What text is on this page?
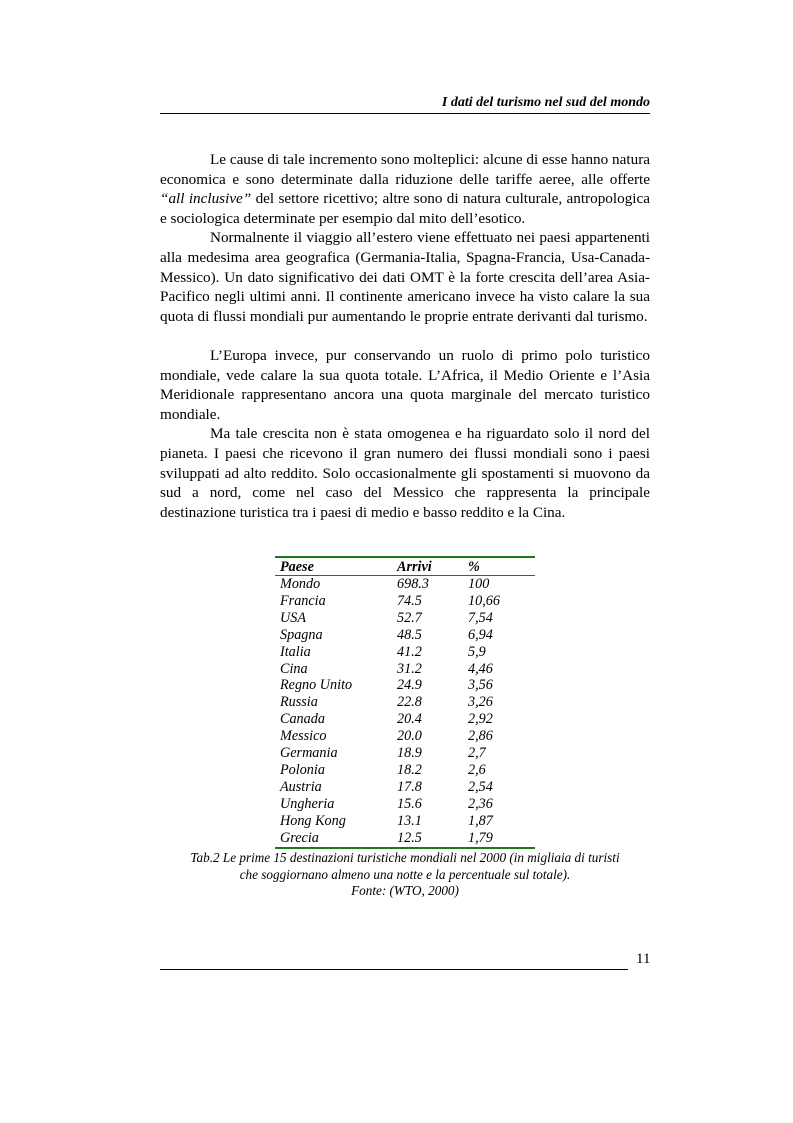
I dati del turismo nel sud del mondo

Le cause di tale incremento sono molteplici: alcune di esse hanno natura economica e sono determinate dalla riduzione delle tariffe aeree, alle offerte “all inclusive” del settore ricettivo; altre sono di natura culturale, antropologica e sociologica determinate per esempio dal mito dell’esotico.

Normalnente il viaggio all’estero viene effettuato nei paesi appartenenti alla medesima area geografica (Germania-Italia, Spagna-Francia, Usa-Canada-Messico). Un dato significativo dei dati OMT è la forte crescita dell’area Asia-Pacifico negli ultimi anni. Il continente americano invece ha visto calare la sua quota di flussi mondiali pur aumentando le proprie entrate derivanti dal turismo.

L’Europa invece, pur conservando un ruolo di primo polo turistico mondiale, vede calare la sua quota totale. L’Africa, il Medio Oriente e l’Asia Meridionale rappresentano ancora una quota marginale del mercato turistico mondiale.

Ma tale crescita non è stata omogenea e ha riguardato solo il nord del pianeta. I paesi che ricevono il gran numero dei flussi mondiali sono i paesi sviluppati ad alto reddito. Solo occasionalmente gli spostamenti si muovono da sud a nord, come nel caso del Messico che rappresenta la principale destinazione turistica tra i paesi di medio e basso reddito e la Cina.

Paese	Arrivi	%
Mondo	698.3	100
Francia	74.5	10,66
USA	52.7	7,54
Spagna	48.5	6,94
Italia	41.2	5,9
Cina	31.2	4,46
Regno Unito	24.9	3,56
Russia	22.8	3,26
Canada	20.4	2,92
Messico	20.0	2,86
Germania	18.9	2,7
Polonia	18.2	2,6
Austria	17.8	2,54
Ungheria	15.6	2,36
Hong Kong	13.1	1,87
Grecia	12.5	1,79
Tab.2 Le prime 15 destinazioni turistiche mondiali nel 2000 (in migliaia di turisti
che soggiornano almeno una notte e la percentuale sul totale).
Fonte: (WTO, 2000)
11
